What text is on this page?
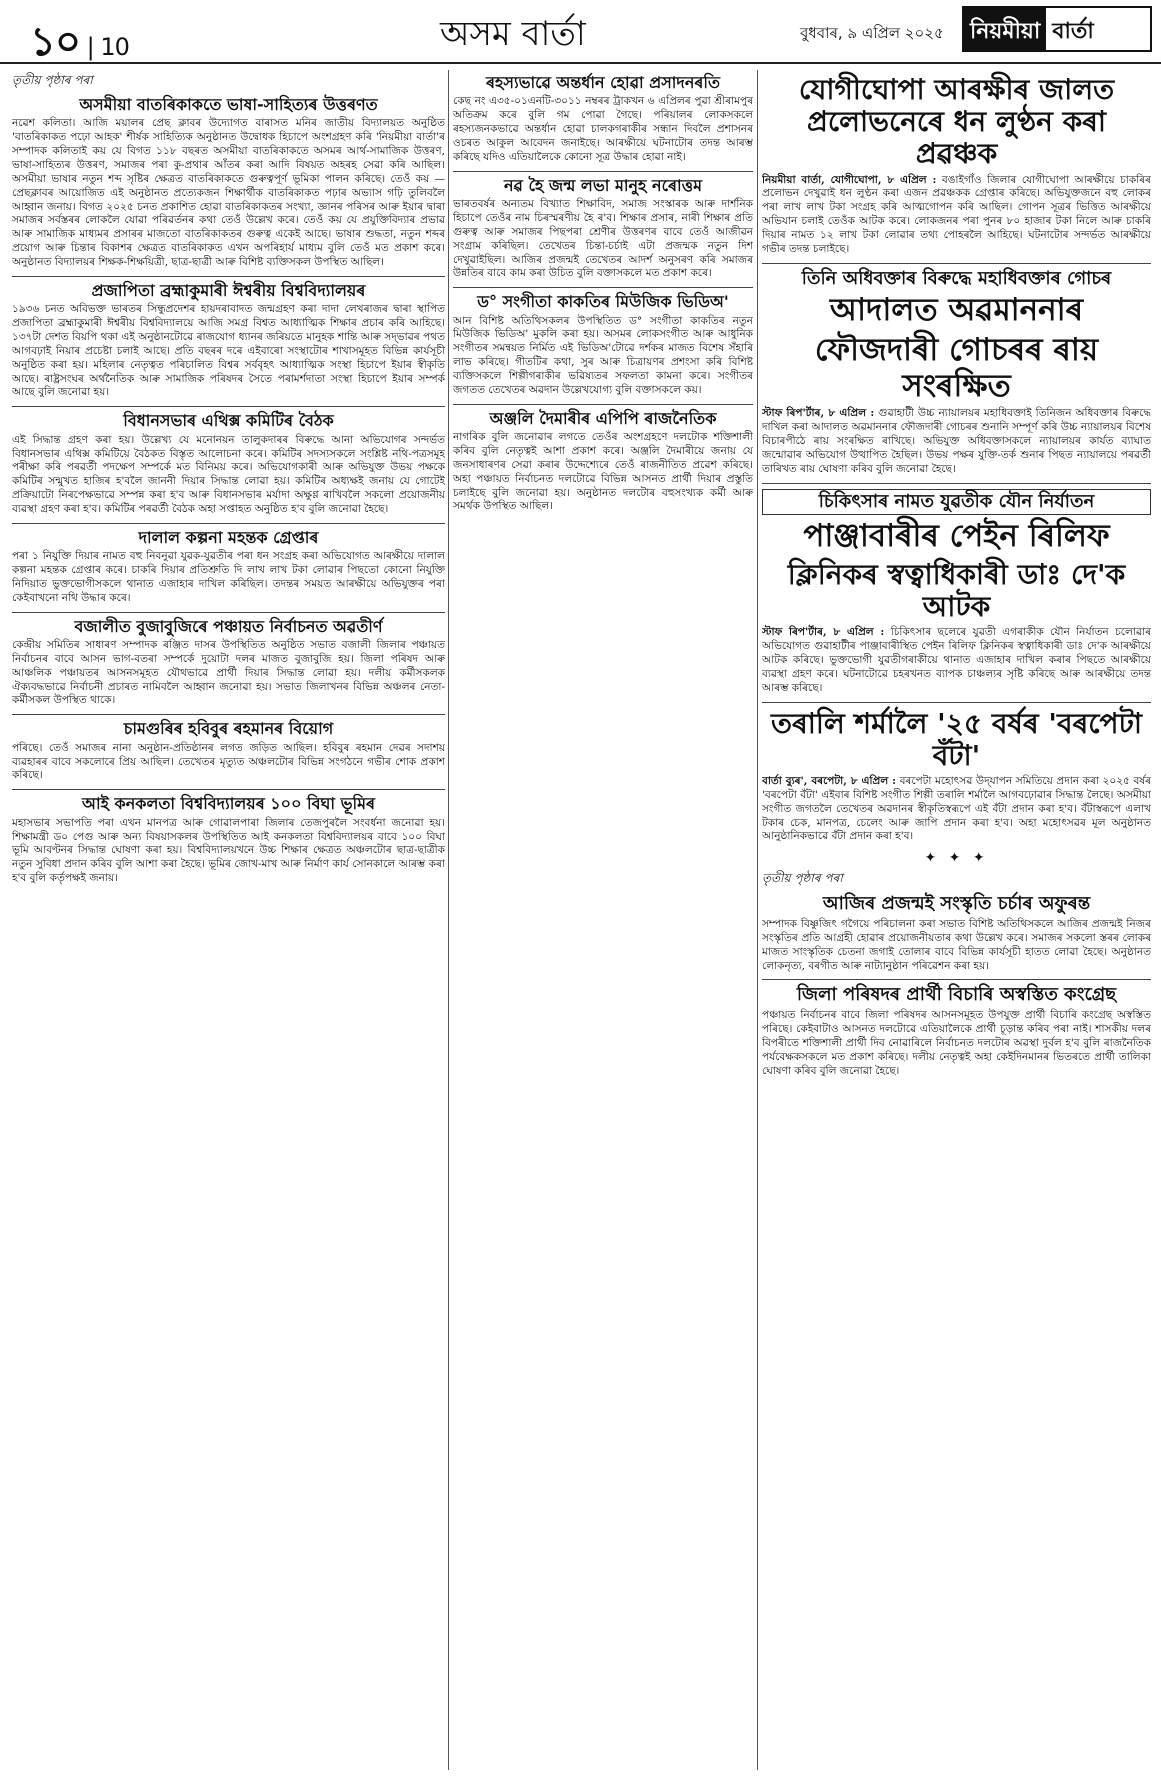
১০ | 10	অসম বাৰ্তা	বুধবাৰ, ৯ এপ্ৰিল ২০২৫ নিয়মীয়া বাৰ্তা
তৃতীয় পৃষ্ঠাৰ পৰা
অসমীয়া বাতৰিকাকতে ভাষা-সাহিত্যৰ উত্তৰণত

নৱেশ কলিতা। আজি ময়ালৰ প্ৰেছ ক্লাবৰ উদ্যোগত বাৰাসত মনিৰ জাতীয় বিদ্যালয়ত অনুষ্ঠিত 'বাতৰিকাকত পঢ়ো আহক' শীৰ্ষক সাহিত্যিক অনুষ্ঠানত উদ্বোধক হিচাপে অংশগ্ৰহণ কৰি 'নিয়মীয়া বাৰ্তা'ৰ সম্পাদক কলিতাই কয় যে বিগত ১১৮ বছৰত অসমীয়া বাতৰিকাকতে অসমৰ আৰ্থ-সামাজিক উত্তৰণ, ভাষা-সাহিত্যৰ উত্তৰণ, সমাজৰ পৰা কু-প্ৰথাৰ আঁতৰ কৰা আদি বিষয়ত অহৰহ সেৱা কৰি আছিল। অসমীয়া ভাষাৰ নতুন শব্দ সৃষ্টিৰ ক্ষেত্ৰত বাতৰিকাকতে গুৰুত্বপূৰ্ণ ভূমিকা পালন কৰিছে। তেওঁ কয় — প্ৰেছক্লাবৰ আয়োজিত এই অনুষ্ঠানত প্ৰত্যেকজন শিক্ষাৰ্থীক বাতৰিকাকত পঢ়াৰ অভ্যাস গঢ়ি তুলিবলৈ আহ্বান জনায়। বিগত ২০২৫ চনত প্ৰকাশিত হোৱা বাতৰিকাকতৰ সংখ্যা, জ্ঞানৰ পৰিসৰ আৰু ইয়াৰ দ্বাৰা সমাজৰ সৰ্বস্তৰৰ লোকলৈ যোৱা পৰিৱৰ্তনৰ কথা তেওঁ উল্লেখ কৰে। তেওঁ কয় যে প্ৰযুক্তিবিদ্যাৰ প্ৰভাৱ আৰু সামাজিক মাধ্যমৰ প্ৰসাৰৰ মাজতো বাতৰিকাকতৰ গুৰুত্ব একেই আছে। ভাষাৰ শুদ্ধতা, নতুন শব্দৰ প্ৰয়োগ আৰু চিন্তাৰ বিকাশৰ ক্ষেত্ৰত বাতৰিকাকত এখন অপৰিহাৰ্য মাধ্যম বুলি তেওঁ মত প্ৰকাশ কৰে। অনুষ্ঠানত বিদ্যালয়ৰ শিক্ষক-শিক্ষয়িত্ৰী, ছাত্ৰ-ছাত্ৰী আৰু বিশিষ্ট ব্যক্তিসকল উপস্থিত আছিল।

প্ৰজাপিতা ব্ৰহ্মাকুমাৰী ঈশ্বৰীয় বিশ্ববিদ্যালয়ৰ

১৯৩৬ চনত অবিভক্ত ভাৰতৰ সিন্ধুপ্ৰদেশৰ হায়দৰাবাদত জন্মগ্ৰহণ কৰা দাদা লেখৰাজৰ দ্বাৰা স্থাপিত প্ৰজাপিতা ব্ৰহ্মাকুমাৰী ঈশ্বৰীয় বিশ্ববিদ্যালয়ে আজি সমগ্ৰ বিশ্বত আধ্যাত্মিক শিক্ষাৰ প্ৰচাৰ কৰি আহিছে। ১৩৭টা দেশত বিয়পি থকা এই অনুষ্ঠানটোৱে ৰাজযোগ ধ্যানৰ জৰিয়তে মানুহক শান্তি আৰু সদ্‌ভাৱৰ পথত আগবঢ়াই নিয়াৰ প্ৰচেষ্টা চলাই আছে। প্ৰতি বছৰৰ দৰে এইবাৰো সংস্থাটোৰ শাখাসমূহত বিভিন্ন কাৰ্যসূচী অনুষ্ঠিত কৰা হয়। মহিলাৰ নেতৃত্বত পৰিচালিত বিশ্বৰ সৰ্ববৃহৎ আধ্যাত্মিক সংস্থা হিচাপে ইয়াৰ স্বীকৃতি আছে। ৰাষ্ট্ৰসংঘৰ অৰ্থনৈতিক আৰু সামাজিক পৰিষদৰ সৈতে পৰামৰ্শদাতা সংস্থা হিচাপে ইয়াৰ সম্পৰ্ক আছে বুলি জনোৱা হয়।

বিধানসভাৰ এথিক্স কমিটিৰ বৈঠক

এই সিদ্ধান্ত গ্ৰহণ কৰা হয়। উল্লেখ্য যে মনোনয়ন তালুকদাৰৰ বিৰুদ্ধে আনা অভিযোগৰ সন্দৰ্ভত বিধানসভাৰ এথিক্স কমিটিয়ে বৈঠকত বিস্তৃত আলোচনা কৰে। কমিটিৰ সদস্যসকলে সংশ্লিষ্ট নথি-পত্ৰসমূহ পৰীক্ষা কৰি পৰৱৰ্তী পদক্ষেপ সম্পৰ্কে মত বিনিময় কৰে। অভিযোগকাৰী আৰু অভিযুক্ত উভয় পক্ষকে কমিটিৰ সন্মুখত হাজিৰ হ'বলৈ জাননী দিয়াৰ সিদ্ধান্ত লোৱা হয়। কমিটিৰ অধ্যক্ষই জনায় যে গোটেই প্ৰক্ৰিয়াটো নিৰপেক্ষভাৱে সম্পন্ন কৰা হ'ব আৰু বিধানসভাৰ মৰ্যাদা অক্ষুণ্ণ ৰাখিবলৈ সকলো প্ৰয়োজনীয় ব্যৱস্থা গ্ৰহণ কৰা হ'ব। কমিটিৰ পৰৱৰ্তী বৈঠক অহা সপ্তাহত অনুষ্ঠিত হ'ব বুলি জনোৱা হৈছে।

দালাল কল্পনা মহন্তক গ্ৰেপ্তাৰ

পৰা ১ নিযুক্তি দিয়াৰ নামত বহু নিবনুৱা যুৱক-যুৱতীৰ পৰা ধন সংগ্ৰহ কৰা অভিযোগত আৰক্ষীয়ে দালাল কল্পনা মহন্তক গ্ৰেপ্তাৰ কৰে। চাকৰি দিয়াৰ প্ৰতিশ্ৰুতি দি লাখ লাখ টকা লোৱাৰ পিছতো কোনো নিযুক্তি নিদিয়াত ভুক্তভোগীসকলে থানাত এজাহাৰ দাখিল কৰিছিল। তদন্তৰ সময়ত আৰক্ষীয়ে অভিযুক্তৰ পৰা কেইবাখনো নথি উদ্ধাৰ কৰে।

বজালীত বুজাবুজিৰে পঞ্চায়ত নিৰ্বাচনত অৱতীৰ্ণ

কেন্দ্ৰীয় সমিতিৰ সাধাৰণ সম্পাদক ৰঞ্জিত দাসৰ উপস্থিতিত অনুষ্ঠিত সভাত বজালী জিলাৰ পঞ্চায়ত নিৰ্বাচনৰ বাবে আসন ভাগ-বতৰা সম্পৰ্কে দুয়োটা দলৰ মাজত বুজাবুজি হয়। জিলা পৰিষদ আৰু আঞ্চলিক পঞ্চায়তৰ আসনসমূহত যৌথভাৱে প্ৰাৰ্থী দিয়াৰ সিদ্ধান্ত লোৱা হয়। দলীয় কৰ্মীসকলক ঐক্যবদ্ধভাৱে নিৰ্বাচনী প্ৰচাৰত নামিবলৈ আহ্বান জনোৱা হয়। সভাত জিলাখনৰ বিভিন্ন অঞ্চলৰ নেতা-কৰ্মীসকল উপস্থিত থাকে।

চামগুৰিৰ হবিবুৰ ৰহমানৰ বিয়োগ

পৰিছে। তেওঁ সমাজৰ নানা অনুষ্ঠান-প্ৰতিষ্ঠানৰ লগত জড়িত আছিল। হবিবুৰ ৰহমান দেৱৰ সদাশয় ব্যৱহাৰৰ বাবে সকলোৰে প্ৰিয় আছিল। তেখেতৰ মৃত্যুত অঞ্চলটোৰ বিভিন্ন সংগঠনে গভীৰ শোক প্ৰকাশ কৰিছে।

আই কনকলতা বিশ্ববিদ্যালয়ৰ ১০০ বিঘা ভূমিৰ

মহাসভাৰ সভাপতি পৰা এখন মানপত্ৰ আৰু গোৱালপাৰা জিলাৰ তেজপুৰলৈ সংবৰ্ধনা জনোৱা হয়। শিক্ষামন্ত্ৰী ড০ পেগু আৰু অন্য বিষয়াসকলৰ উপস্থিতিত আই কনকলতা বিশ্ববিদ্যালয়ৰ বাবে ১০০ বিঘা ভূমি আবণ্টনৰ সিদ্ধান্ত ঘোষণা কৰা হয়। বিশ্ববিদ্যালয়খনে উচ্চ শিক্ষাৰ ক্ষেত্ৰত অঞ্চলটোৰ ছাত্ৰ-ছাত্ৰীক নতুন সুবিধা প্ৰদান কৰিব বুলি আশা কৰা হৈছে। ভূমিৰ জোখ-মাখ আৰু নিৰ্মাণ কাৰ্য সোনকালে আৰম্ভ কৰা হ'ব বুলি কৰ্তৃপক্ষই জনায়।

ৰহস্যভাৱে অন্তৰ্ধান হোৱা প্ৰসাদনৰতি

কেছ নং এ৩৫-০১এনটি-৩০১১ নম্বৰৰ ট্ৰাকখন ৬ এপ্ৰিলৰ পুৱা শ্ৰীৰামপুৰ অতিক্ৰম কৰে বুলি গম পোৱা গৈছে। পৰিয়ালৰ লোকসকলে ৰহস্যজনকভাৱে অন্তৰ্ধান হোৱা চালকগৰাকীৰ সন্ধান দিবলৈ প্ৰশাসনৰ ওচৰত আকুল আবেদন জনাইছে। আৰক্ষীয়ে ঘটনাটোৰ তদন্ত আৰম্ভ কৰিছে যদিও এতিয়ালৈকে কোনো সূত্ৰ উদ্ধাৰ হোৱা নাই।

নৱ হৈ জন্ম লভা মানুহ নৰোত্তম

ভাৰতবৰ্ষৰ অন্যতম বিখ্যাত শিক্ষাবিদ, সমাজ সংস্কাৰক আৰু দাৰ্শনিক হিচাপে তেওঁৰ নাম চিৰস্মৰণীয় হৈ ৰ'ব। শিক্ষাৰ প্ৰসাৰ, নাৰী শিক্ষাৰ প্ৰতি গুৰুত্ব আৰু সমাজৰ পিছপৰা শ্ৰেণীৰ উত্তৰণৰ বাবে তেওঁ আজীৱন সংগ্ৰাম কৰিছিল। তেখেতৰ চিন্তা-চৰ্চাই এটা প্ৰজন্মক নতুন দিশ দেখুৱাইছিল। আজিৰ প্ৰজন্মই তেখেতৰ আদৰ্শ অনুসৰণ কৰি সমাজৰ উন্নতিৰ বাবে কাম কৰা উচিত বুলি বক্তাসকলে মত প্ৰকাশ কৰে।

ড° সংগীতা কাকতিৰ মিউজিক ভিডিঅ'

আন বিশিষ্ট অতিথিসকলৰ উপস্থিতিত ড° সংগীতা কাকতিৰ নতুন মিউজিক ভিডিঅ' মুকলি কৰা হয়। অসমৰ লোকসংগীত আৰু আধুনিক সংগীতৰ সমন্বয়ত নিৰ্মিত এই ভিডিঅ'টোৱে দৰ্শকৰ মাজত বিশেষ সঁহাৰি লাভ কৰিছে। গীতটিৰ কথা, সুৰ আৰু চিত্ৰায়ণৰ প্ৰশংসা কৰি বিশিষ্ট ব্যক্তিসকলে শিল্পীগৰাকীৰ ভৱিষ্যতৰ সফলতা কামনা কৰে। সংগীতৰ জগতত তেখেতৰ অৱদান উল্লেখযোগ্য বুলি বক্তাসকলে কয়।

অঞ্জলি দৈমাৰীৰ এপিপি ৰাজনৈতিক

নাগৰিক বুলি জনোৱাৰ লগতে তেওঁৰ অংশগ্ৰহণে দলটোক শক্তিশালী কৰিব বুলি নেতৃত্বই আশা প্ৰকাশ কৰে। অঞ্জলি দৈমাৰীয়ে জনায় যে জনসাধাৰণৰ সেৱা কৰাৰ উদ্দেশ্যেৰে তেওঁ ৰাজনীতিত প্ৰৱেশ কৰিছে। অহা পঞ্চায়ত নিৰ্বাচনত দলটোৱে বিভিন্ন আসনত প্ৰাৰ্থী দিয়াৰ প্ৰস্তুতি চলাইছে বুলি জনোৱা হয়। অনুষ্ঠানত দলটোৰ বহুসংখ্যক কৰ্মী আৰু সমৰ্থক উপস্থিত আছিল।

যোগীঘোপা আৰক্ষীৰ জালত প্ৰলোভনেৰে ধন লুণ্ঠন কৰা প্ৰৱঞ্চক

নিয়মীয়া বাৰ্তা, যোগীঘোপা, ৮ এপ্ৰিল : বঙাইগাঁও জিলাৰ যোগীঘোপা আৰক্ষীয়ে চাকৰিৰ প্ৰলোভন দেখুৱাই ধন লুণ্ঠন কৰা এজন প্ৰৱঞ্চকক গ্ৰেপ্তাৰ কৰিছে। অভিযুক্তজনে বহু লোকৰ পৰা লাখ লাখ টকা সংগ্ৰহ কৰি আত্মগোপন কৰি আছিল। গোপন সূত্ৰৰ ভিত্তিত আৰক্ষীয়ে অভিযান চলাই তেওঁক আটক কৰে। লোকজনৰ পৰা পুনৰ ৮০ হাজাৰ টকা নিলে আৰু চাকৰি দিয়াৰ নামত ১২ লাখ টকা লোৱাৰ তথ্য পোহৰলৈ আহিছে। ঘটনাটোৰ সন্দৰ্ভত আৰক্ষীয়ে গভীৰ তদন্ত চলাইছে।

তিনি অধিবক্তাৰ বিৰুদ্ধে মহাধিবক্তাৰ গোচৰ
আদালত অৱমাননাৰ
ফৌজদাৰী গোচৰৰ ৰায় সংৰক্ষিত

স্টাফ ৰিপ'ৰ্টাৰ, ৮ এপ্ৰিল : গুৱাহাটী উচ্চ ন্যায়ালয়ৰ মহাধিবক্তাই তিনিজন অধিবক্তাৰ বিৰুদ্ধে দাখিল কৰা আদালত অৱমাননাৰ ফৌজদাৰী গোচৰৰ শুনানি সম্পূৰ্ণ কৰি উচ্চ ন্যায়ালয়ৰ বিশেষ বিচাৰপীঠে ৰায় সংৰক্ষিত ৰাখিছে। অভিযুক্ত অধিবক্তাসকলে ন্যায়ালয়ৰ কাৰ্যত ব্যাঘাত জন্মোৱাৰ অভিযোগ উত্থাপিত হৈছিল। উভয় পক্ষৰ যুক্তি-তৰ্ক শুনাৰ পিছত ন্যায়ালয়ে পৰৱৰ্তী তাৰিখত ৰায় ঘোষণা কৰিব বুলি জনোৱা হৈছে।

চিকিৎসাৰ নামত যুৱতীক যৌন নিৰ্যাতন
পাঞ্জাবাৰীৰ পেইন ৰিলিফ
ক্লিনিকৰ স্বত্বাধিকাৰী ডাঃ দে'ক আটক

স্টাফ ৰিপ'ৰ্টাৰ, ৮ এপ্ৰিল : চিকিৎসাৰ ছলেৰে যুৱতী এগৰাকীক যৌন নিৰ্যাতন চলোৱাৰ অভিযোগত গুৱাহাটীৰ পাঞ্জাবাৰীস্থিত পেইন ৰিলিফ ক্লিনিকৰ স্বত্বাধিকাৰী ডাঃ দে'ক আৰক্ষীয়ে আটক কৰিছে। ভুক্তভোগী যুৱতীগৰাকীয়ে থানাত এজাহাৰ দাখিল কৰাৰ পিছতে আৰক্ষীয়ে ব্যৱস্থা গ্ৰহণ কৰে। ঘটনাটোৱে চহৰখনত ব্যাপক চাঞ্চল্যৰ সৃষ্টি কৰিছে আৰু আৰক্ষীয়ে তদন্ত আৰম্ভ কৰিছে।

তৰালি শৰ্মালৈ '২৫ বৰ্ষৰ 'বৰপেটা বঁটা'

বাৰ্তা ব্যুৰ', বৰপেটা, ৮ এপ্ৰিল : বৰপেটা মহোৎসৱ উদ্‌যাপন সমিতিয়ে প্ৰদান কৰা ২০২৫ বৰ্ষৰ 'বৰপেটা বঁটা' এইবাৰ বিশিষ্ট সংগীত শিল্পী তৰালি শৰ্মালৈ আগবঢ়োৱাৰ সিদ্ধান্ত লৈছে। অসমীয়া সংগীত জগতলৈ তেখেতৰ অৱদানৰ স্বীকৃতিস্বৰূপে এই বঁটা প্ৰদান কৰা হ'ব। বঁটাস্বৰূপে এলাখ টকাৰ চেক, মানপত্ৰ, চেলেং আৰু জাপি প্ৰদান কৰা হ'ব। অহা মহোৎসৱৰ মূল অনুষ্ঠানত আনুষ্ঠানিকভাৱে বঁটা প্ৰদান কৰা হ'ব।

✦ ✦ ✦
তৃতীয় পৃষ্ঠাৰ পৰা
আজিৰ প্ৰজন্মই সংস্কৃতি চৰ্চাৰ অফুৰন্ত

সম্পাদক বিষ্ণুজিৎ গগৈয়ে পৰিচালনা কৰা সভাত বিশিষ্ট অতিথিসকলে আজিৰ প্ৰজন্মই নিজৰ সংস্কৃতিৰ প্ৰতি আগ্ৰহী হোৱাৰ প্ৰয়োজনীয়তাৰ কথা উল্লেখ কৰে। সমাজৰ সকলো স্তৰৰ লোকৰ মাজত সাংস্কৃতিক চেতনা জগাই তোলাৰ বাবে বিভিন্ন কাৰ্যসূচী হাতত লোৱা হৈছে। অনুষ্ঠানত লোকনৃত্য, বৰগীত আৰু নাট্যানুষ্ঠান পৰিৱেশন কৰা হয়।

জিলা পৰিষদৰ প্ৰাৰ্থী বিচাৰি অস্বস্তিত কংগ্ৰেছ

পঞ্চায়ত নিৰ্বাচনৰ বাবে জিলা পৰিষদৰ আসনসমূহত উপযুক্ত প্ৰাৰ্থী বিচাৰি কংগ্ৰেছ অস্বস্তিত পৰিছে। কেইবাটাও আসনত দলটোৱে এতিয়ালৈকে প্ৰাৰ্থী চূড়ান্ত কৰিব পৰা নাই। শাসকীয় দলৰ বিপৰীতে শক্তিশালী প্ৰাৰ্থী দিব নোৱাৰিলে নিৰ্বাচনত দলটোৰ অৱস্থা দুৰ্বল হ'ব বুলি ৰাজনৈতিক পৰ্যবেক্ষকসকলে মত প্ৰকাশ কৰিছে। দলীয় নেতৃত্বই অহা কেইদিনমানৰ ভিতৰতে প্ৰাৰ্থী তালিকা ঘোষণা কৰিব বুলি জনোৱা হৈছে।
